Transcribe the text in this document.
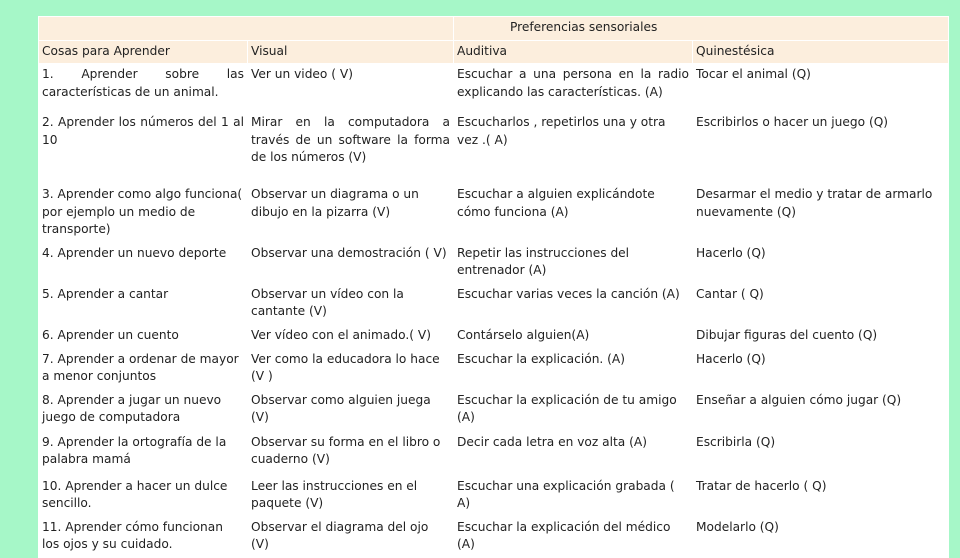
		Preferencias sensoriales	
Cosas para Aprender	Visual	Auditiva	Quinestésica
1. Aprender sobre las características de un animal.	Ver un video ( V)	Escuchar a una persona en la radio explicando las características. (A)	Tocar el animal (Q)
2. Aprender los números del 1 al 10	Mirar en la computadora a través de un software la forma de los números (V)	Escucharlos , repetirlos una y otra vez .( A)	Escribirlos o hacer un juego (Q)
3. Aprender como algo funciona( por ejemplo un medio de transporte)	Observar un diagrama o un dibujo en la pizarra (V)	Escuchar a alguien explicándote cómo funciona (A)	Desarmar el medio y tratar de armarlo nuevamente (Q)
4. Aprender un nuevo deporte	Observar una demostración ( V)	Repetir las instrucciones del entrenador (A)	Hacerlo (Q)
5. Aprender a cantar	Observar un vídeo con la cantante (V)	Escuchar varias veces la canción (A)	Cantar ( Q)
6. Aprender un cuento	Ver vídeo con el animado.( V)	Contárselo alguien(A)	Dibujar figuras del cuento (Q)
7. Aprender a ordenar de mayor a menor conjuntos	Ver como la educadora lo hace (V )	Escuchar la explicación. (A)	Hacerlo (Q)
8. Aprender a jugar un nuevo juego de computadora	Observar como alguien juega (V)	Escuchar la explicación de tu amigo (A)	Enseñar a alguien cómo jugar (Q)
9. Aprender la ortografía de la palabra mamá	Observar su forma en el libro o cuaderno (V)	Decir cada letra en voz alta (A)	Escribirla (Q)
10. Aprender a hacer un dulce sencillo.	Leer las instrucciones en el paquete (V)	Escuchar una explicación grabada ( A)	Tratar de hacerlo ( Q)
11. Aprender cómo funcionan los ojos y su cuidado.	Observar el diagrama del ojo (V)	Escuchar la explicación del médico (A)	Modelarlo (Q)
